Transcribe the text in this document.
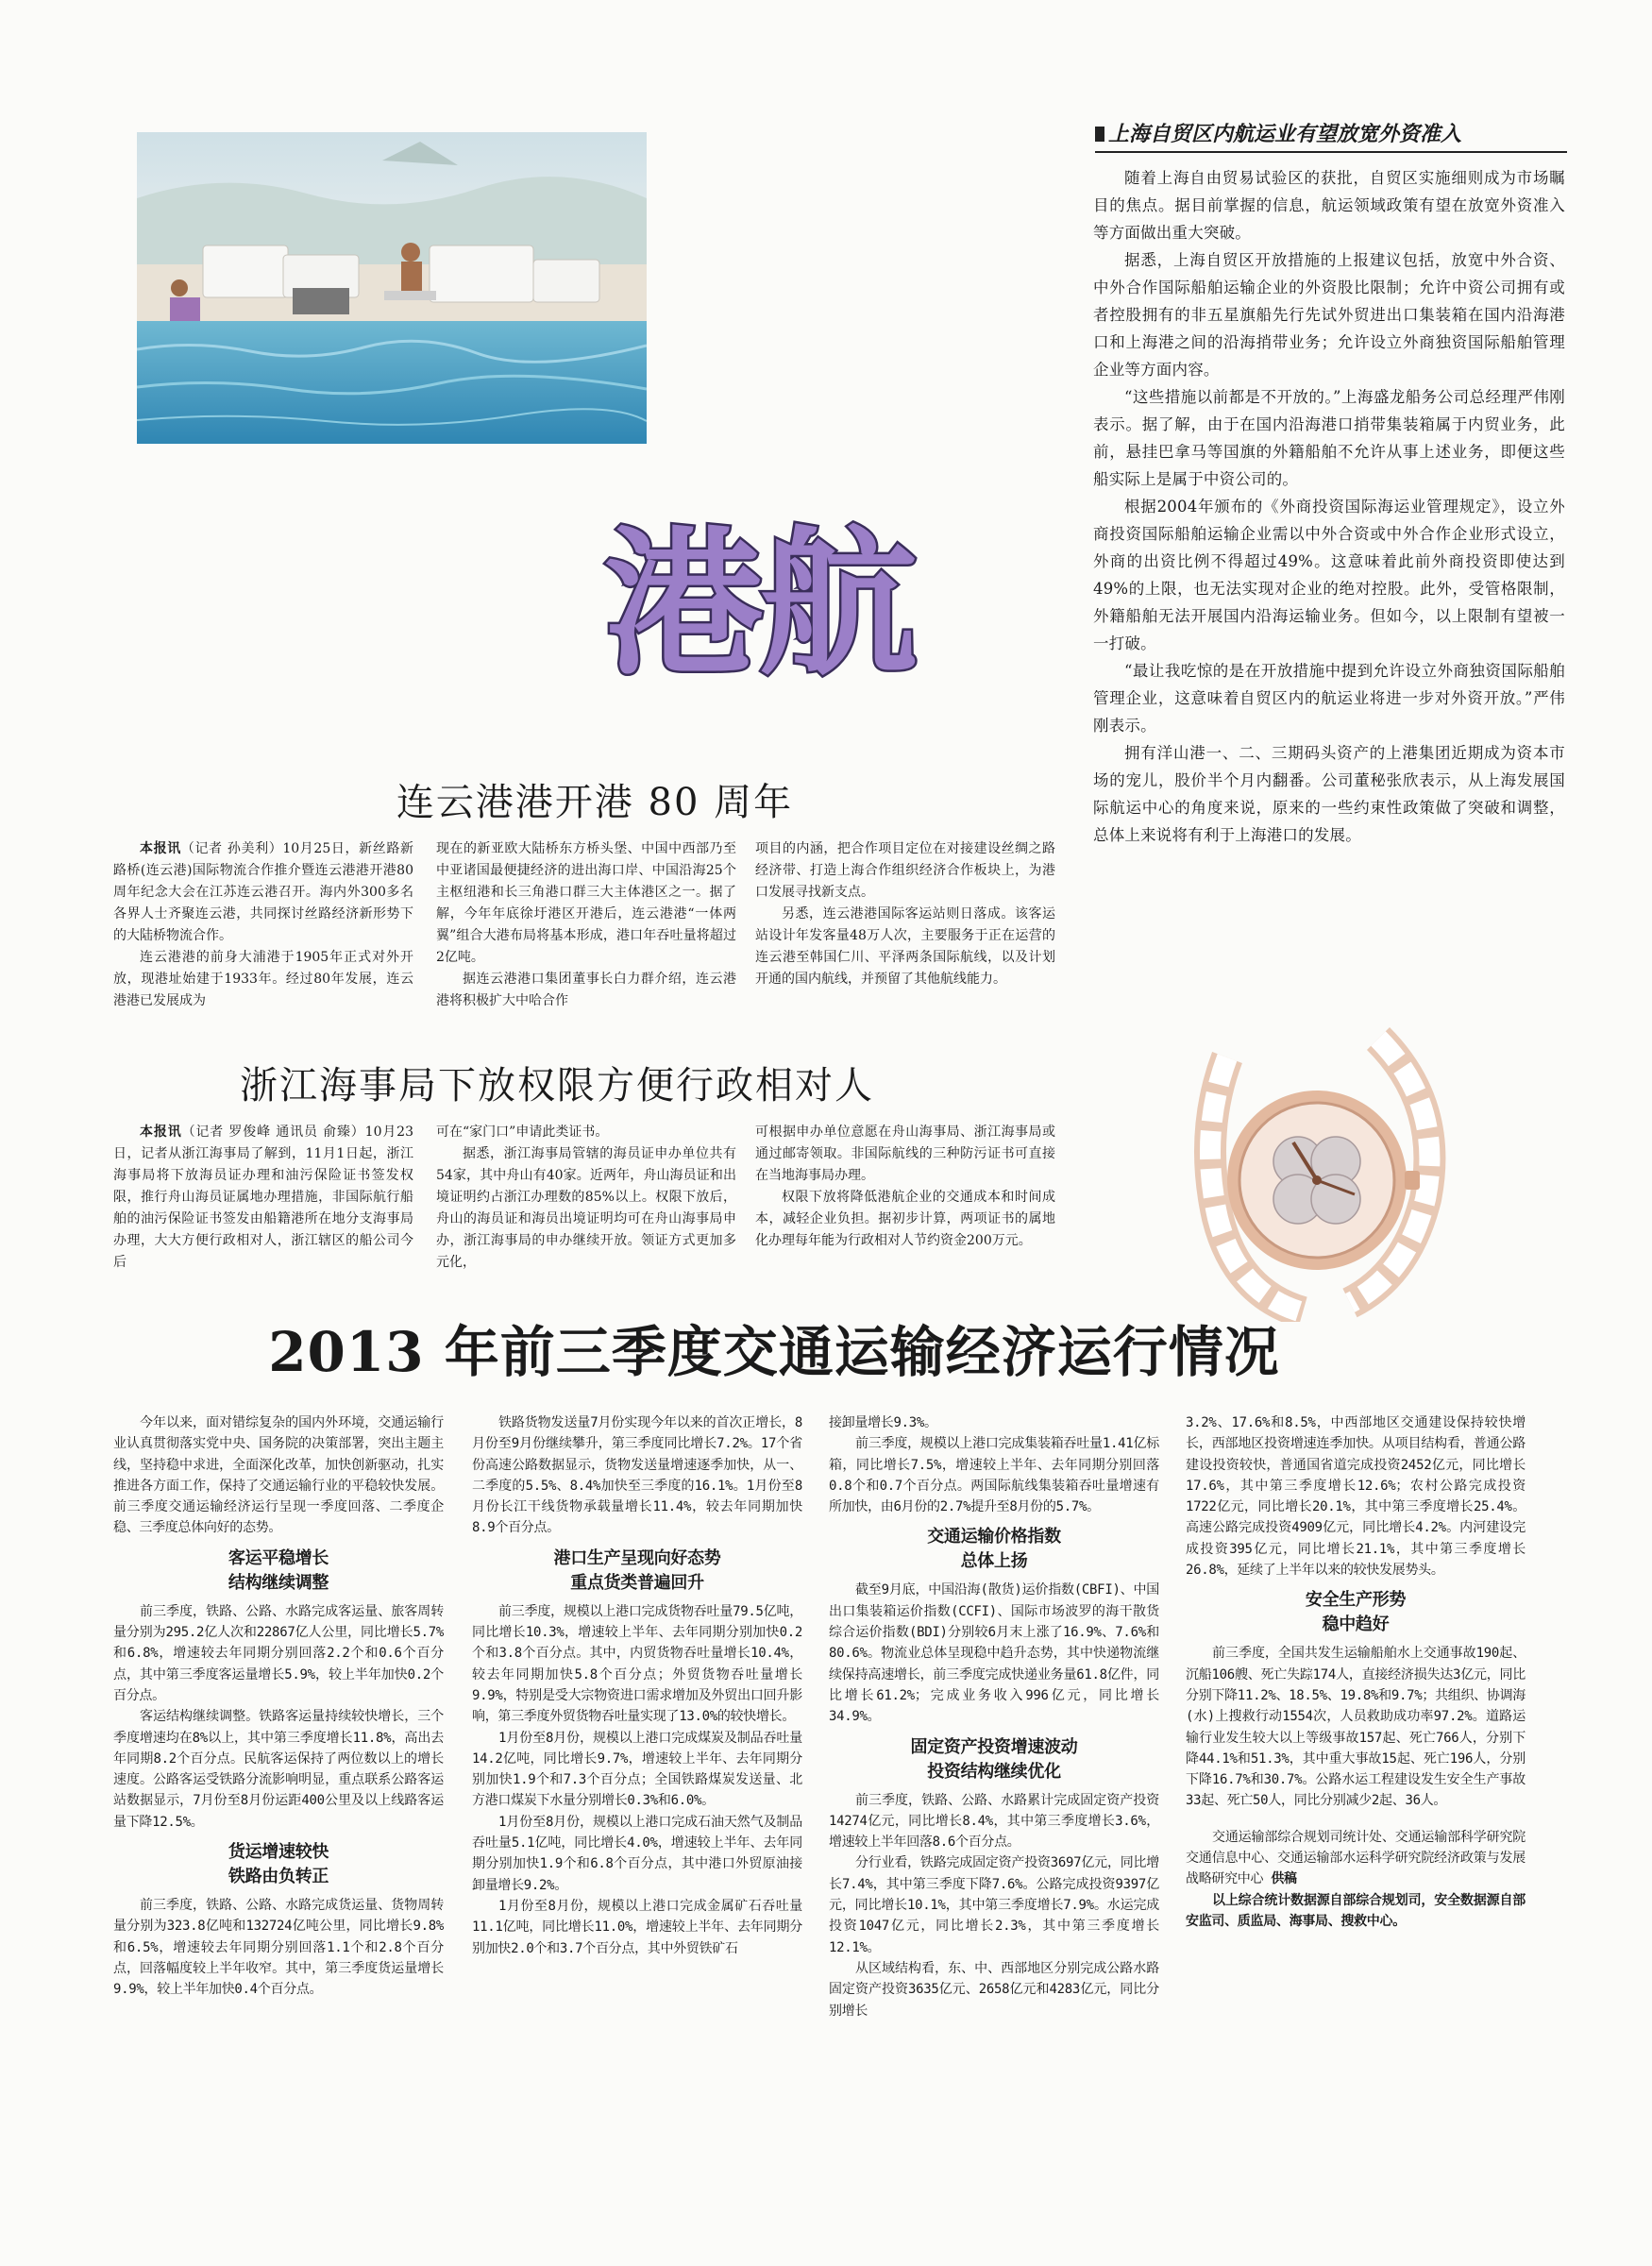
港航
上海自贸区内航运业有望放宽外资准入

随着上海自由贸易试验区的获批，自贸区实施细则成为市场瞩目的焦点。据目前掌握的信息，航运领域政策有望在放宽外资准入等方面做出重大突破。

据悉，上海自贸区开放措施的上报建议包括，放宽中外合资、中外合作国际船舶运输企业的外资股比限制；允许中资公司拥有或者控股拥有的非五星旗船先行先试外贸进出口集装箱在国内沿海港口和上海港之间的沿海捎带业务；允许设立外商独资国际船舶管理企业等方面内容。

“这些措施以前都是不开放的。”上海盛龙船务公司总经理严伟刚表示。据了解，由于在国内沿海港口捎带集装箱属于内贸业务，此前，悬挂巴拿马等国旗的外籍船舶不允许从事上述业务，即便这些船实际上是属于中资公司的。

根据2004年颁布的《外商投资国际海运业管理规定》，设立外商投资国际船舶运输企业需以中外合资或中外合作企业形式设立，外商的出资比例不得超过49%。这意味着此前外商投资即使达到49%的上限，也无法实现对企业的绝对控股。此外，受管格限制，外籍船舶无法开展国内沿海运输业务。但如今，以上限制有望被一一打破。

“最让我吃惊的是在开放措施中提到允许设立外商独资国际船舶管理企业，这意味着自贸区内的航运业将进一步对外资开放。”严伟刚表示。

拥有洋山港一、二、三期码头资产的上港集团近期成为资本市场的宠儿，股价半个月内翻番。公司董秘张欣表示，从上海发展国际航运中心的角度来说，原来的一些约束性政策做了突破和调整，总体上来说将有利于上海港口的发展。

连云港港开港 80 周年

本报讯（记者 孙美利）10月25日，新丝路新路桥(连云港)国际物流合作推介暨连云港港开港80周年纪念大会在江苏连云港召开。海内外300多名各界人士齐聚连云港，共同探讨丝路经济新形势下的大陆桥物流合作。

连云港港的前身大浦港于1905年正式对外开放，现港址始建于1933年。经过80年发展，连云港港已发展成为

现在的新亚欧大陆桥东方桥头堡、中国中西部乃至中亚诸国最便捷经济的进出海口岸、中国沿海25个主枢纽港和长三角港口群三大主体港区之一。据了解，今年年底徐圩港区开港后，连云港港“一体两翼”组合大港布局将基本形成，港口年吞吐量将超过2亿吨。

据连云港港口集团董事长白力群介绍，连云港港将积极扩大中哈合作

项目的内涵，把合作项目定位在对接建设丝绸之路经济带、打造上海合作组织经济合作板块上，为港口发展寻找新支点。

另悉，连云港港国际客运站则日落成。该客运站设计年发客量48万人次，主要服务于正在运营的连云港至韩国仁川、平泽两条国际航线，以及计划开通的国内航线，并预留了其他航线能力。

浙江海事局下放权限方便行政相对人

本报讯（记者 罗俊峰 通讯员 俞臻）10月23日，记者从浙江海事局了解到，11月1日起，浙江海事局将下放海员证办理和油污保险证书签发权限，推行舟山海员证属地办理措施，非国际航行船舶的油污保险证书签发由船籍港所在地分支海事局办理，大大方便行政相对人，浙江辖区的船公司今后

可在“家门口”申请此类证书。

据悉，浙江海事局管辖的海员证申办单位共有54家，其中舟山有40家。近两年，舟山海员证和出境证明约占浙江办理数的85%以上。权限下放后，舟山的海员证和海员出境证明均可在舟山海事局申办，浙江海事局的申办继续开放。领证方式更加多元化，

可根据申办单位意愿在舟山海事局、浙江海事局或通过邮寄领取。非国际航线的三种防污证书可直接在当地海事局办理。

权限下放将降低港航企业的交通成本和时间成本，减轻企业负担。据初步计算，两项证书的属地化办理每年能为行政相对人节约资金200万元。

2013 年前三季度交通运输经济运行情况

今年以来，面对错综复杂的国内外环境，交通运输行业认真贯彻落实党中央、国务院的决策部署，突出主题主线，坚持稳中求进，全面深化改革，加快创新驱动，扎实推进各方面工作，保持了交通运输行业的平稳较快发展。前三季度交通运输经济运行呈现一季度回落、二季度企稳、三季度总体向好的态势。

客运平稳增长
结构继续调整

前三季度，铁路、公路、水路完成客运量、旅客周转量分别为295.2亿人次和22867亿人公里，同比增长5.7%和6.8%，增速较去年同期分别回落2.2个和0.6个百分点，其中第三季度客运量增长5.9%，较上半年加快0.2个百分点。

客运结构继续调整。铁路客运量持续较快增长，三个季度增速均在8%以上，其中第三季度增长11.8%，高出去年同期8.2个百分点。民航客运保持了两位数以上的增长速度。公路客运受铁路分流影响明显，重点联系公路客运站数据显示，7月份至8月份运距400公里及以上线路客运量下降12.5%。

货运增速较快
铁路由负转正

前三季度，铁路、公路、水路完成货运量、货物周转量分别为323.8亿吨和132724亿吨公里，同比增长9.8%和6.5%，增速较去年同期分别回落1.1个和2.8个百分点，回落幅度较上半年收窄。其中，第三季度货运量增长9.9%，较上半年加快0.4个百分点。

铁路货物发送量7月份实现今年以来的首次正增长，8月份至9月份继续攀升，第三季度同比增长7.2%。17个省份高速公路数据显示，货物发送量增速逐季加快，从一、二季度的5.5%、8.4%加快至三季度的16.1%。1月份至8月份长江干线货物承载量增长11.4%，较去年同期加快8.9个百分点。

港口生产呈现向好态势
重点货类普遍回升

前三季度，规模以上港口完成货物吞吐量79.5亿吨，同比增长10.3%，增速较上半年、去年同期分别加快0.2个和3.8个百分点。其中，内贸货物吞吐量增长10.4%，较去年同期加快5.8个百分点；外贸货物吞吐量增长9.9%，特别是受大宗物资进口需求增加及外贸出口回升影响，第三季度外贸货物吞吐量实现了13.0%的较快增长。

1月份至8月份，规模以上港口完成煤炭及制品吞吐量14.2亿吨，同比增长9.7%，增速较上半年、去年同期分别加快1.9个和7.3个百分点；全国铁路煤炭发送量、北方港口煤炭下水量分别增长0.3%和6.0%。

1月份至8月份，规模以上港口完成石油天然气及制品吞吐量5.1亿吨，同比增长4.0%，增速较上半年、去年同期分别加快1.9个和6.8个百分点，其中港口外贸原油接卸量增长9.2%。

1月份至8月份，规模以上港口完成金属矿石吞吐量11.1亿吨，同比增长11.0%，增速较上半年、去年同期分别加快2.0个和3.7个百分点，其中外贸铁矿石

接卸量增长9.3%。

前三季度，规模以上港口完成集装箱吞吐量1.41亿标箱，同比增长7.5%，增速较上半年、去年同期分别回落0.8个和0.7个百分点。两国际航线集装箱吞吐量增速有所加快，由6月份的2.7%提升至8月份的5.7%。

交通运输价格指数
总体上扬

截至9月底，中国沿海(散货)运价指数(CBFI)、中国出口集装箱运价指数(CCFI)、国际市场波罗的海干散货综合运价指数(BDI)分别较6月末上涨了16.9%、7.6%和80.6%。物流业总体呈现稳中趋升态势，其中快递物流继续保持高速增长，前三季度完成快递业务量61.8亿件，同比增长61.2%；完成业务收入996亿元，同比增长34.9%。

固定资产投资增速波动
投资结构继续优化

前三季度，铁路、公路、水路累计完成固定资产投资14274亿元，同比增长8.4%，其中第三季度增长3.6%，增速较上半年回落8.6个百分点。

分行业看，铁路完成固定资产投资3697亿元，同比增长7.4%，其中第三季度下降7.6%。公路完成投资9397亿元，同比增长10.1%，其中第三季度增长7.9%。水运完成投资1047亿元，同比增长2.3%，其中第三季度增长12.1%。

从区域结构看，东、中、西部地区分别完成公路水路固定资产投资3635亿元、2658亿元和4283亿元，同比分别增长

3.2%、17.6%和8.5%，中西部地区交通建设保持较快增长，西部地区投资增速连季加快。从项目结构看，普通公路建设投资较快，普通国省道完成投资2452亿元，同比增长17.6%，其中第三季度增长12.6%；农村公路完成投资1722亿元，同比增长20.1%，其中第三季度增长25.4%。高速公路完成投资4909亿元，同比增长4.2%。内河建设完成投资395亿元，同比增长21.1%，其中第三季度增长26.8%，延续了上半年以来的较快发展势头。

安全生产形势
稳中趋好

前三季度，全国共发生运输船舶水上交通事故190起、沉船106艘、死亡失踪174人，直接经济损失达3亿元，同比分别下降11.2%、18.5%、19.8%和9.7%；共组织、协调海(水)上搜救行动1554次，人员救助成功率97.2%。道路运输行业发生较大以上等级事故157起、死亡766人，分别下降44.1%和51.3%，其中重大事故15起、死亡196人，分别下降16.7%和30.7%。公路水运工程建设发生安全生产事故33起、死亡50人，同比分别减少2起、36人。

交通运输部综合规划司统计处、交通运输部科学研究院交通信息中心、交通运输部水运科学研究院经济政策与发展战略研究中心 供稿

以上综合统计数据源自部综合规划司，安全数据源自部安监司、质监局、海事局、搜救中心。
